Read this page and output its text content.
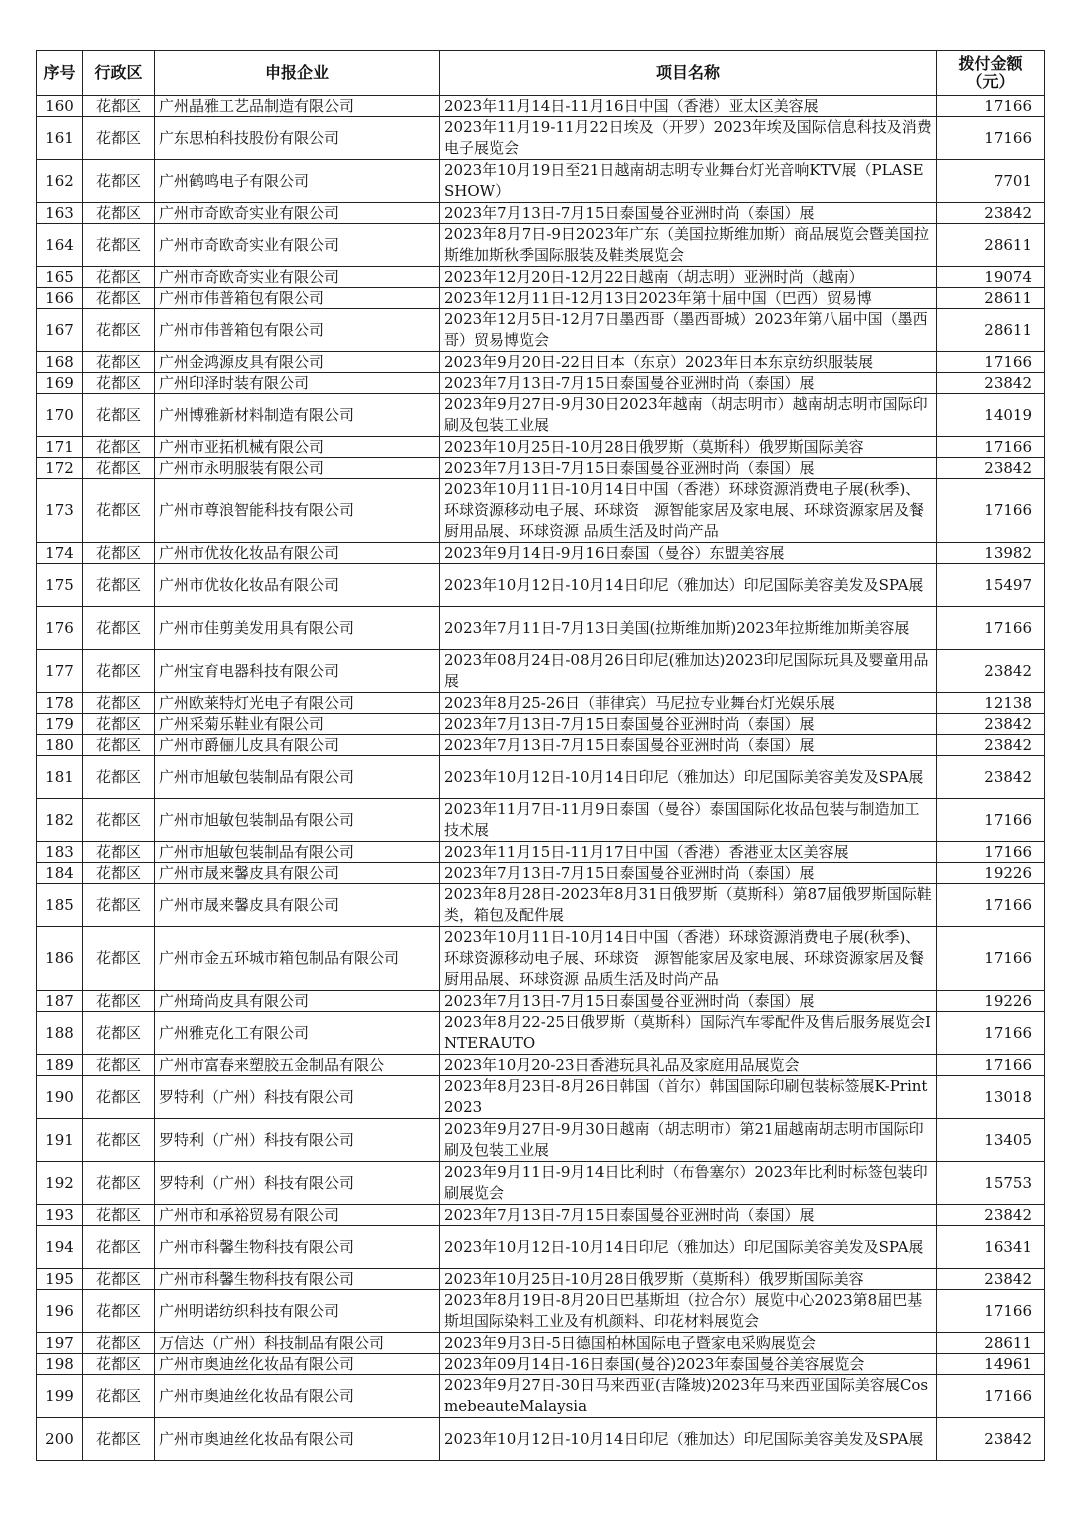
序号	行政区	申报企业	项目名称	拨付金额
（元）
160	花都区	广州晶雅工艺品制造有限公司	2023年11月14日-11月16日中国（香港）亚太区美容展	17166
161	花都区	广东思柏科技股份有限公司	2023年11月19-11月22日埃及（开罗）2023年埃及国际信息科技及消费电子展览会	17166
162	花都区	广州鹤鸣电子有限公司	2023年10月19日至21日越南胡志明专业舞台灯光音响KTV展（PLASESHOW）	7701
163	花都区	广州市奇欧奇实业有限公司	2023年7月13日-7月15日泰国曼谷亚洲时尚（泰国）展	23842
164	花都区	广州市奇欧奇实业有限公司	2023年8月7日-9日2023年广东（美国拉斯维加斯）商品展览会暨美国拉斯维加斯秋季国际服装及鞋类展览会	28611
165	花都区	广州市奇欧奇实业有限公司	2023年12月20日-12月22日越南（胡志明）亚洲时尚（越南）	19074
166	花都区	广州市伟普箱包有限公司	2023年12月11日-12月13日2023年第十届中国（巴西）贸易博	28611
167	花都区	广州市伟普箱包有限公司	2023年12月5日-12月7日墨西哥（墨西哥城）2023年第八届中国（墨西哥）贸易博览会	28611
168	花都区	广州金鸿源皮具有限公司	2023年9月20日-22日日本（东京）2023年日本东京纺织服装展	17166
169	花都区	广州印泽时装有限公司	2023年7月13日-7月15日泰国曼谷亚洲时尚（泰国）展	23842
170	花都区	广州博雅新材料制造有限公司	2023年9月27日-9月30日2023年越南（胡志明市）越南胡志明市国际印刷及包装工业展	14019
171	花都区	广州市亚拓机械有限公司	2023年10月25日-10月28日俄罗斯（莫斯科）俄罗斯国际美容	17166
172	花都区	广州市永明服装有限公司	2023年7月13日-7月15日泰国曼谷亚洲时尚（泰国）展	23842
173	花都区	广州市尊浪智能科技有限公司	2023年10月11日-10月14日中国（香港）环球资源消费电子展(秋季)、环球资源移动电子展、环球资　源智能家居及家电展、环球资源家居及餐厨用品展、环球资源 品质生活及时尚产品	17166
174	花都区	广州市优妆化妆品有限公司	2023年9月14日-9月16日泰国（曼谷）东盟美容展	13982
175	花都区	广州市优妆化妆品有限公司	2023年10月12日-10月14日印尼（雅加达）印尼国际美容美发及SPA展	15497
176	花都区	广州市佳剪美发用具有限公司	2023年7月11日-7月13日美国(拉斯维加斯)2023年拉斯维加斯美容展	17166
177	花都区	广州宝育电器科技有限公司	2023年08月24日-08月26日印尼(雅加达)2023印尼国际玩具及婴童用品展	23842
178	花都区	广州欧莱特灯光电子有限公司	2023年8月25-26日（菲律宾）马尼拉专业舞台灯光娱乐展	12138
179	花都区	广州采菊乐鞋业有限公司	2023年7月13日-7月15日泰国曼谷亚洲时尚（泰国）展	23842
180	花都区	广州市爵俪儿皮具有限公司	2023年7月13日-7月15日泰国曼谷亚洲时尚（泰国）展	23842
181	花都区	广州市旭敏包装制品有限公司	2023年10月12日-10月14日印尼（雅加达）印尼国际美容美发及SPA展	23842
182	花都区	广州市旭敏包装制品有限公司	2023年11月7日-11月9日泰国（曼谷）泰国国际化妆品包装与制造加工技术展	17166
183	花都区	广州市旭敏包装制品有限公司	2023年11月15日-11月17日中国（香港）香港亚太区美容展	17166
184	花都区	广州市晟来馨皮具有限公司	2023年7月13日-7月15日泰国曼谷亚洲时尚（泰国）展	19226
185	花都区	广州市晟来馨皮具有限公司	2023年8月28日-2023年8月31日俄罗斯（莫斯科）第87届俄罗斯国际鞋类，箱包及配件展	17166
186	花都区	广州市金五环城市箱包制品有限公司	2023年10月11日-10月14日中国（香港）环球资源消费电子展(秋季)、环球资源移动电子展、环球资　源智能家居及家电展、环球资源家居及餐厨用品展、环球资源 品质生活及时尚产品	17166
187	花都区	广州琦尚皮具有限公司	2023年7月13日-7月15日泰国曼谷亚洲时尚（泰国）展	19226
188	花都区	广州雅克化工有限公司	2023年8月22-25日俄罗斯（莫斯科）国际汽车零配件及售后服务展览会INTERAUTO	17166
189	花都区	广州市富春来塑胶五金制品有限公	2023年10月20-23日香港玩具礼品及家庭用品展览会	17166
190	花都区	罗特利（广州）科技有限公司	2023年8月23日-8月26日韩国（首尔）韩国国际印刷包装标签展K-Print2023	13018
191	花都区	罗特利（广州）科技有限公司	2023年9月27日-9月30日越南（胡志明市）第21届越南胡志明市国际印刷及包装工业展	13405
192	花都区	罗特利（广州）科技有限公司	2023年9月11日-9月14日比利时（布鲁塞尔）2023年比利时标签包装印刷展览会	15753
193	花都区	广州市和承裕贸易有限公司	2023年7月13日-7月15日泰国曼谷亚洲时尚（泰国）展	23842
194	花都区	广州市科馨生物科技有限公司	2023年10月12日-10月14日印尼（雅加达）印尼国际美容美发及SPA展	16341
195	花都区	广州市科馨生物科技有限公司	2023年10月25日-10月28日俄罗斯（莫斯科）俄罗斯国际美容	23842
196	花都区	广州明诺纺织科技有限公司	2023年8月19日-8月20日巴基斯坦（拉合尔）展览中心2023第8届巴基斯坦国际染料工业及有机颜料、印花材料展览会	17166
197	花都区	万信达（广州）科技制品有限公司	2023年9月3日-5日德国柏林国际电子暨家电采购展览会	28611
198	花都区	广州市奥迪丝化妆品有限公司	2023年09月14日-16日泰国(曼谷)2023年泰国曼谷美容展览会	14961
199	花都区	广州市奥迪丝化妆品有限公司	2023年9月27日-30日马来西亚(吉隆坡)2023年马来西亚国际美容展CosmebeauteMalaysia	17166
200	花都区	广州市奥迪丝化妆品有限公司	2023年10月12日-10月14日印尼（雅加达）印尼国际美容美发及SPA展	23842
